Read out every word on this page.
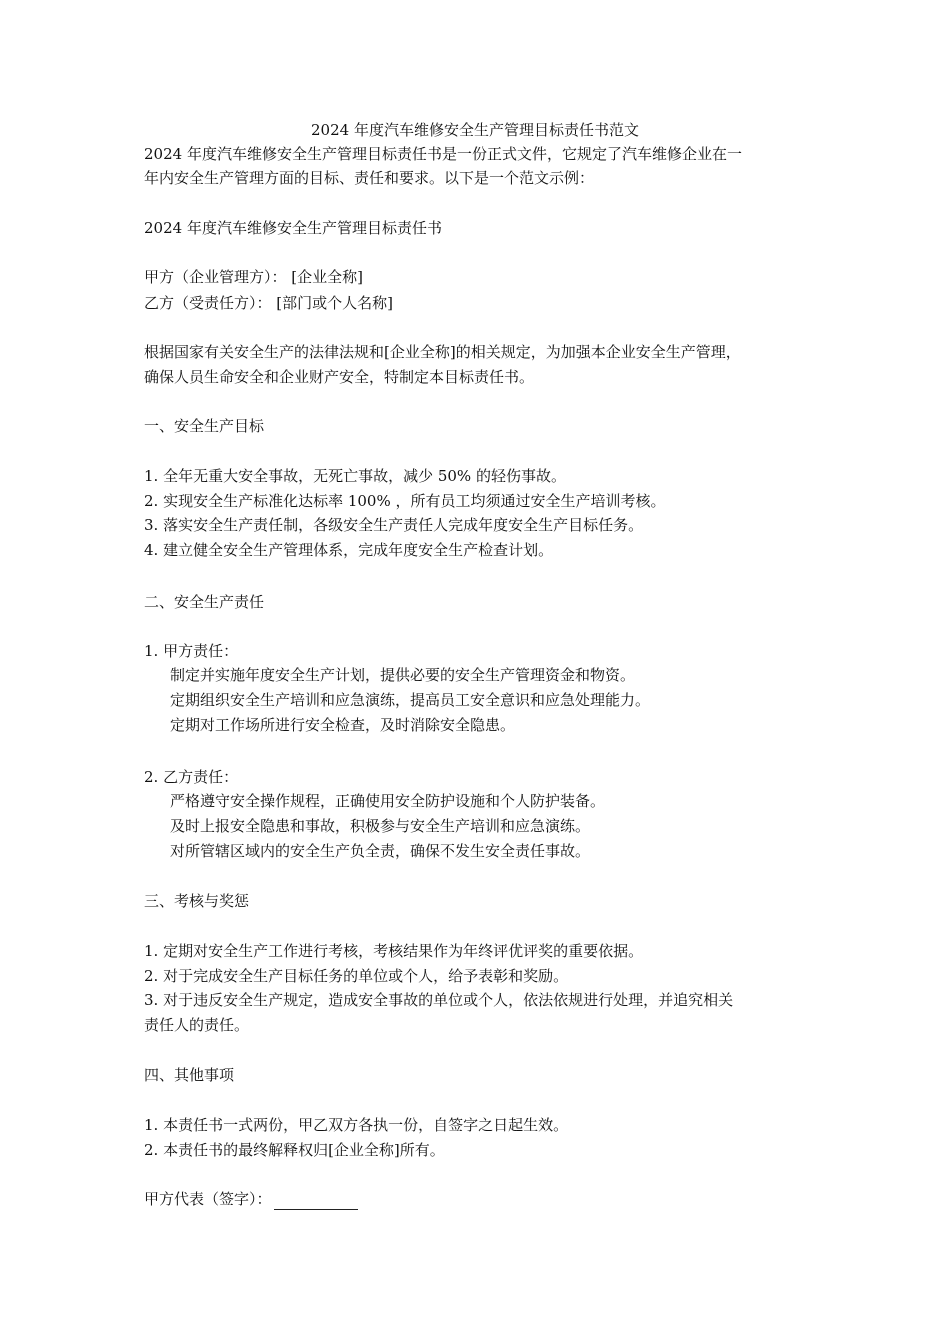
2024 年度汽车维修安全生产管理目标责任书范文
2024 年度汽车维修安全生产管理目标责任书是一份正式文件，它规定了汽车维修企业在一
年内安全生产管理方面的目标、责任和要求。以下是一个范文示例：
2024 年度汽车维修安全生产管理目标责任书
甲方（企业管理方）： [企业全称]
乙方（受责任方）： [部门或个人名称]
根据国家有关安全生产的法律法规和[企业全称]的相关规定，为加强本企业安全生产管理，
确保人员生命安全和企业财产安全，特制定本目标责任书。
一、安全生产目标
1. 全年无重大安全事故，无死亡事故，减少 50% 的轻伤事故。
2. 实现安全生产标准化达标率 100% ，所有员工均须通过安全生产培训考核。
3. 落实安全生产责任制，各级安全生产责任人完成年度安全生产目标任务。
4. 建立健全安全生产管理体系，完成年度安全生产检查计划。
二、安全生产责任
1. 甲方责任：
制定并实施年度安全生产计划，提供必要的安全生产管理资金和物资。
定期组织安全生产培训和应急演练，提高员工安全意识和应急处理能力。
定期对工作场所进行安全检查，及时消除安全隐患。
2. 乙方责任：
严格遵守安全操作规程，正确使用安全防护设施和个人防护装备。
及时上报安全隐患和事故，积极参与安全生产培训和应急演练。
对所管辖区域内的安全生产负全责，确保不发生安全责任事故。
三、考核与奖惩
1. 定期对安全生产工作进行考核，考核结果作为年终评优评奖的重要依据。
2. 对于完成安全生产目标任务的单位或个人，给予表彰和奖励。
3. 对于违反安全生产规定，造成安全事故的单位或个人，依法依规进行处理，并追究相关
责任人的责任。
四、其他事项
1. 本责任书一式两份，甲乙双方各执一份，自签字之日起生效。
2. 本责任书的最终解释权归[企业全称]所有。
甲方代表（签字）：
